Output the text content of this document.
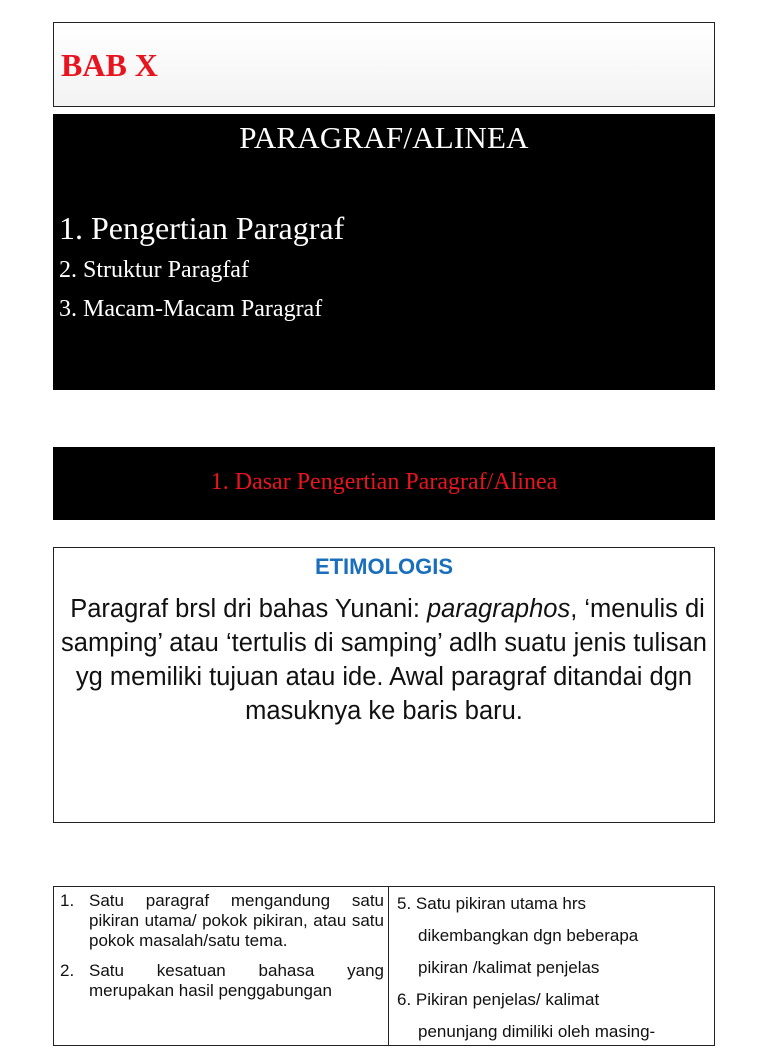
BAB X
PARAGRAF/ALINEA
1. Pengertian Paragraf
2. Struktur Paragfaf
3. Macam-Macam Paragraf
1. Dasar Pengertian Paragraf/Alinea
ETIMOLOGIS
Paragraf brsl dri bahas Yunani: paragraphos, ‘menulis di samping’ atau ‘tertulis di samping’ adlh suatu jenis tulisan yg memiliki tujuan atau ide. Awal paragraf ditandai dgn masuknya ke baris baru.
1. Satu paragraf mengandung satu pikiran utama/ pokok pikiran, atau satu pokok masalah/satu tema.
2. Satu kesatuan bahasa yang merupakan hasil penggabungan
5. Satu pikiran utama hrs
dikembangkan dgn beberapa
pikiran /kalimat penjelas
6. Pikiran penjelas/ kalimat
penunjang dimiliki oleh masing-
